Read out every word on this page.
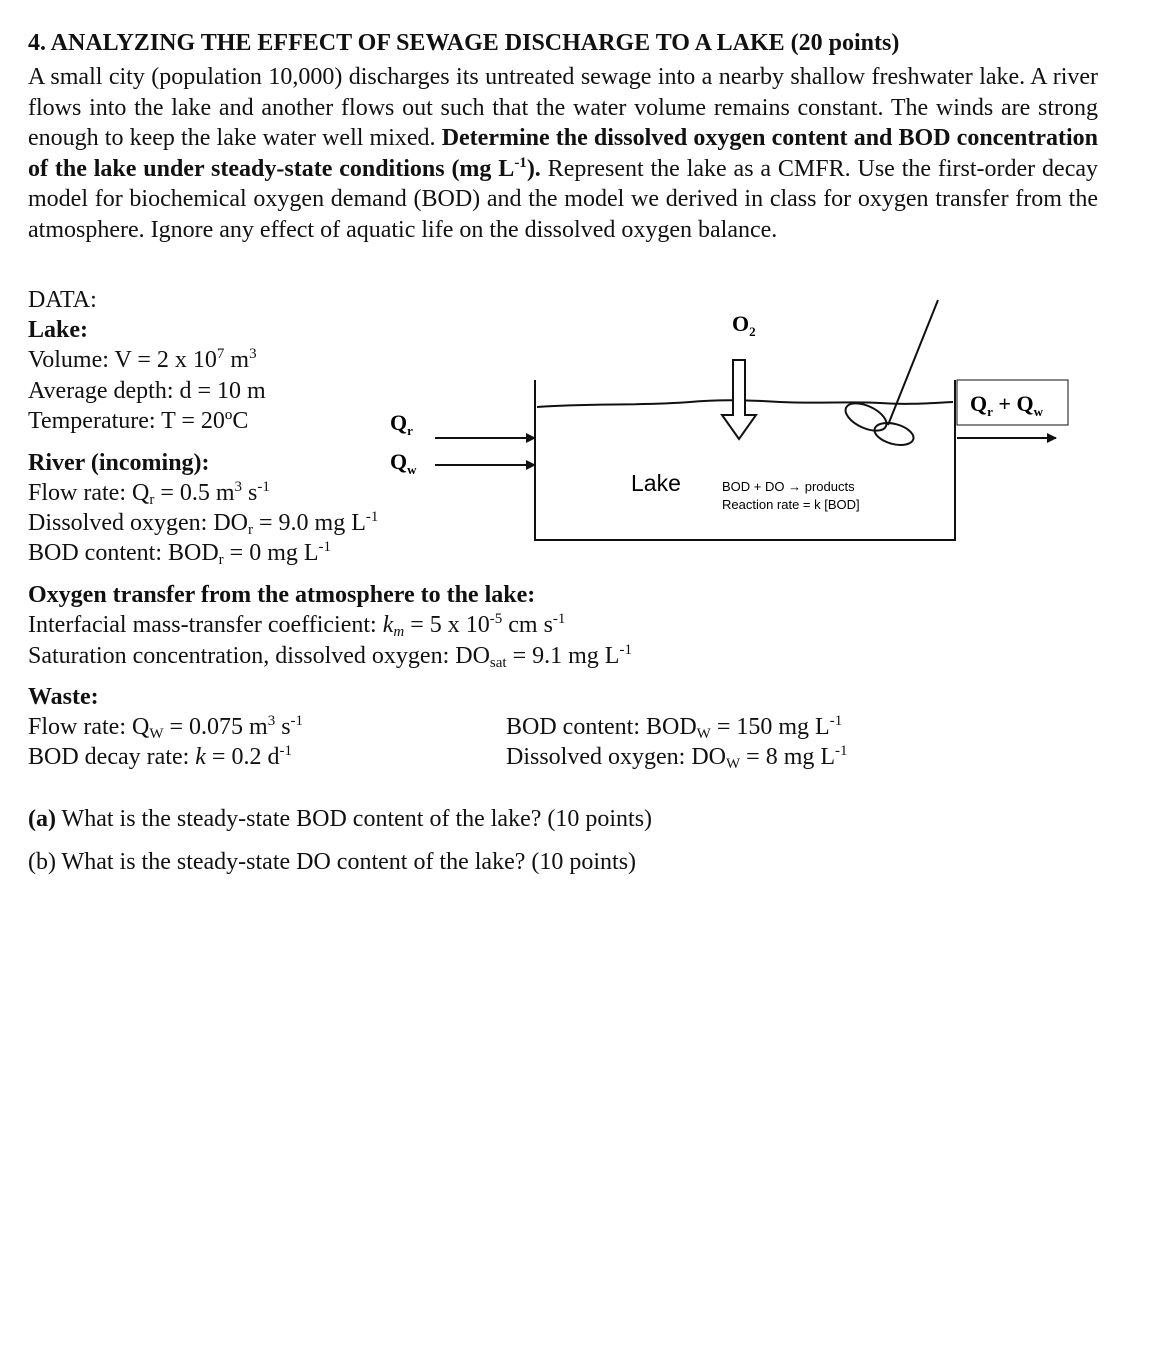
4. ANALYZING THE EFFECT OF SEWAGE DISCHARGE TO A LAKE (20 points)
A small city (population 10,000) discharges its untreated sewage into a nearby shallow freshwater lake. A river flows into the lake and another flows out such that the water volume remains constant. The winds are strong enough to keep the lake water well mixed. Determine the dissolved oxygen content and BOD concentration of the lake under steady-state conditions (mg $L^{-1}$). Represent the lake as a CMFR. Use the first-order decay model for biochemical oxygen demand (BOD) and the model we derived in class for oxygen transfer from the atmosphere. Ignore any effect of aquatic life on the dissolved oxygen balance.
DATA:
Lake:
Volume: V = 2 x $10^7$ $m^3$
Average depth: d = 10 m
Temperature: T = 20ºC
River (incoming):
Flow rate: $Q_r = 0.5$ $m^3$ $s^{-1}$
Dissolved oxygen: $DO_r = 9.0$ mg $L^{-1}$
BOD content: $BOD_r = 0$ mg $L^{-1}$
Oxygen transfer from the atmosphere to the lake:
Interfacial mass-transfer coefficient: $k_m = 5$ x $10^{-5}$ cm $s^{-1}$
Saturation concentration, dissolved oxygen: $DO_{sat} = 9.1$ mg $L^{-1}$
Waste:
Flow rate: $Q_W = 0.075$ $m^3$ $s^{-1}$
BOD decay rate: k = 0.2 $d^{-1}$
BOD content: $BOD_W = 150$ mg $L^{-1}$
Dissolved oxygen: $DO_W = 8$ mg $L^{-1}$
(a) What is the steady-state BOD content of the lake? (10 points)
(b) What is the steady-state DO content of the lake? (10 points)
$O_2$
$Q_r$
$Q_w$
$Q_r + Q_w$
Lake	BOD + DO → products
Reaction rate = k [BOD]
